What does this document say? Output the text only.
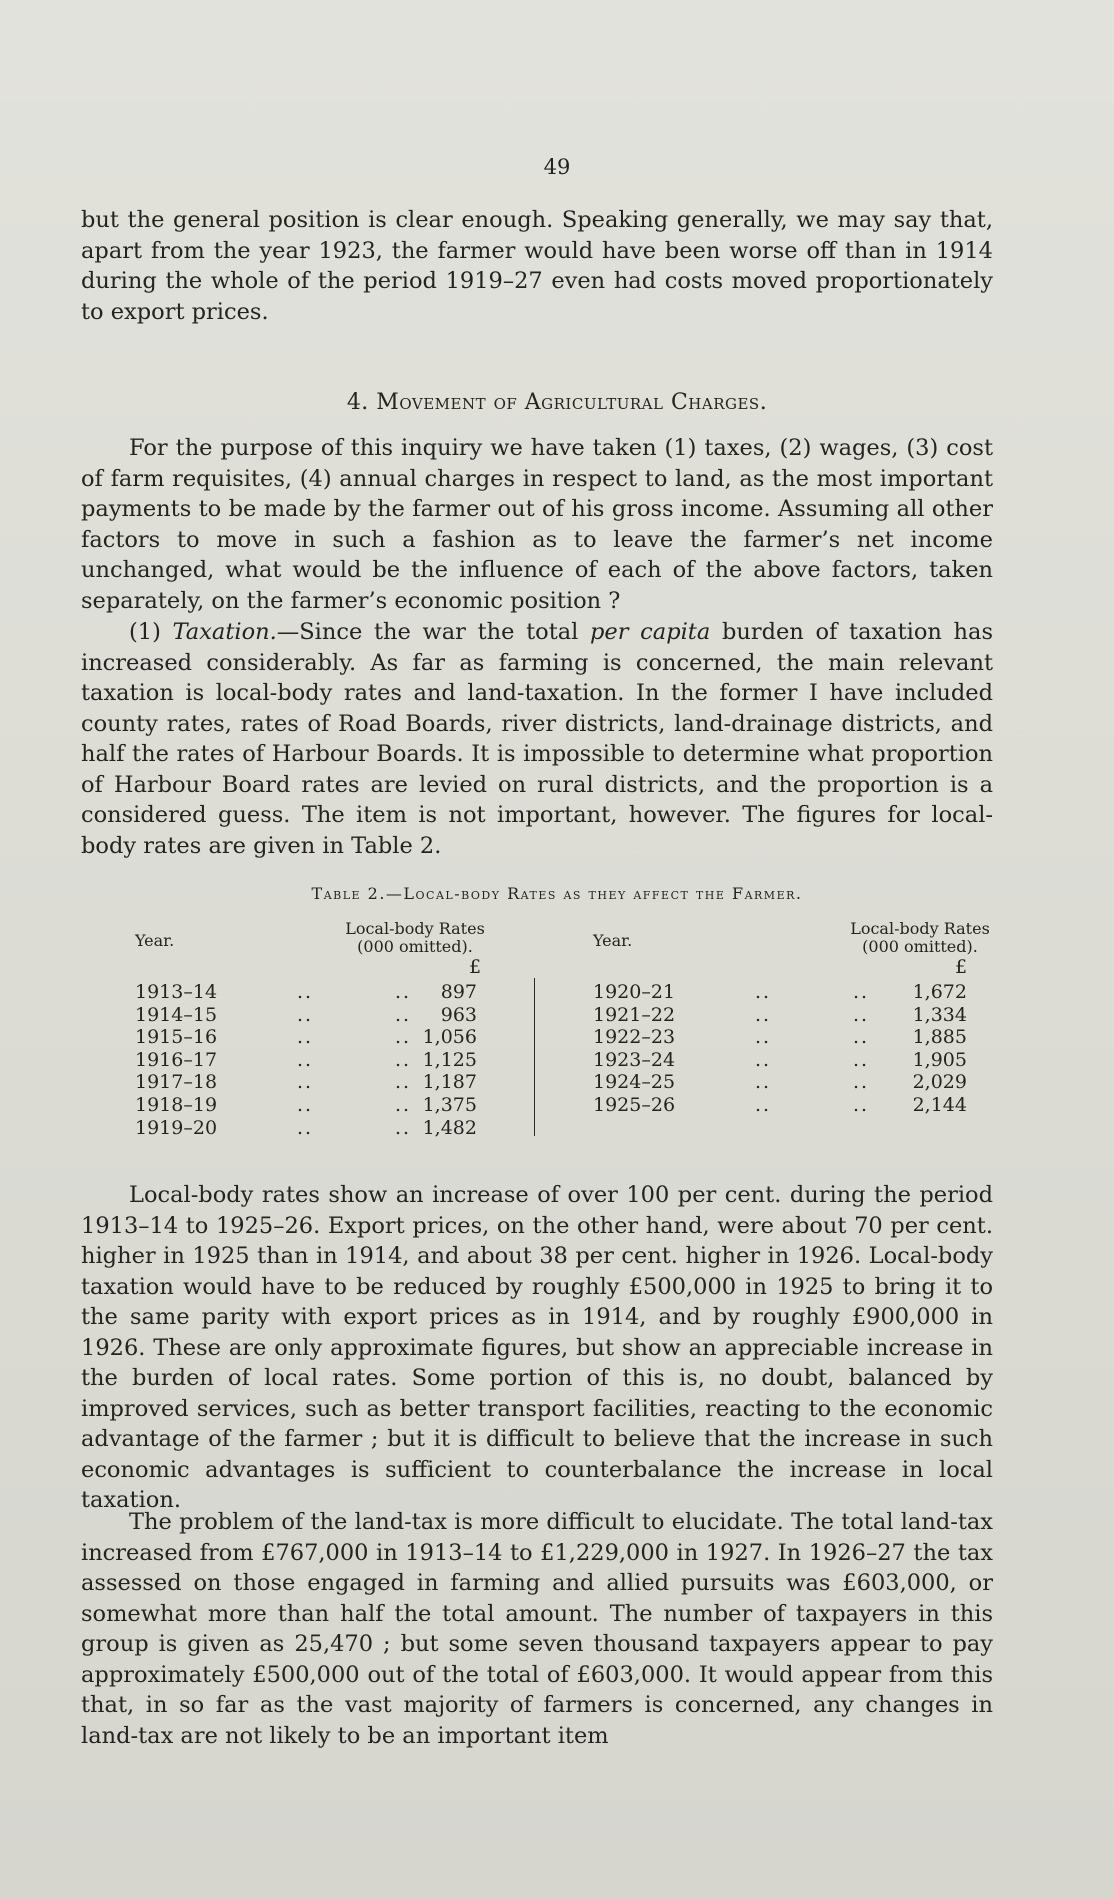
49

but the general position is clear enough. Speaking generally, we may say that, apart from the year 1923, the farmer would have been worse off than in 1914 during the whole of the period 1919–27 even had costs moved proportionately to export prices.

4. Movement of Agricultural Charges.

For the purpose of this inquiry we have taken (1) taxes, (2) wages, (3) cost of farm requisites, (4) annual charges in respect to land, as the most important payments to be made by the farmer out of his gross income. Assuming all other factors to move in such a fashion as to leave the farmer’s net income unchanged, what would be the influence of each of the above factors, taken separately, on the farmer’s economic position ?

(1) Taxation.—Since the war the total per capita burden of taxation has increased considerably. As far as farming is concerned, the main relevant taxation is local-body rates and land-taxation. In the former I have included county rates, rates of Road Boards, river districts, land-drainage districts, and half the rates of Harbour Boards. It is impossible to determine what proportion of Harbour Board rates are levied on rural districts, and the proportion is a considered guess. The item is not important, however. The figures for local-body rates are given in Table 2.

Table 2.—Local-body Rates as they affect the Farmer.
Year.
Local-body Rates
(000 omitted).	Year.
Local-body Rates
(000 omitted).
£	£
1913–14	..	.. 897
1914–15	..	.. 963
1915–16	..	.. 1,056
1916–17	..	.. 1,125
1917–18	..	.. 1,187
1918–19	..	.. 1,375
1919–20	..	.. 1,482
1920–21	..	.. 1,672
1921–22	..	.. 1,334
1922–23	..	.. 1,885
1923–24	..	.. 1,905
1924–25	..	.. 2,029
1925–26	..	.. 2,144

Local-body rates show an increase of over 100 per cent. during the period 1913–14 to 1925–26. Export prices, on the other hand, were about 70 per cent. higher in 1925 than in 1914, and about 38 per cent. higher in 1926. Local-body taxation would have to be reduced by roughly £500,000 in 1925 to bring it to the same parity with export prices as in 1914, and by roughly £900,000 in 1926. These are only approximate figures, but show an appreciable increase in the burden of local rates. Some portion of this is, no doubt, balanced by improved services, such as better transport facilities, reacting to the economic advantage of the farmer ; but it is difficult to believe that the increase in such economic advantages is sufficient to counterbalance the increase in local taxation.

The problem of the land-tax is more difficult to elucidate. The total land-tax increased from £767,000 in 1913–14 to £1,229,000 in 1927. In 1926–27 the tax assessed on those engaged in farming and allied pursuits was £603,000, or somewhat more than half the total amount. The number of taxpayers in this group is given as 25,470 ; but some seven thousand taxpayers appear to pay approximately £500,000 out of the total of £603,000. It would appear from this that, in so far as the vast majority of farmers is concerned, any changes in land-tax are not likely to be an important item
